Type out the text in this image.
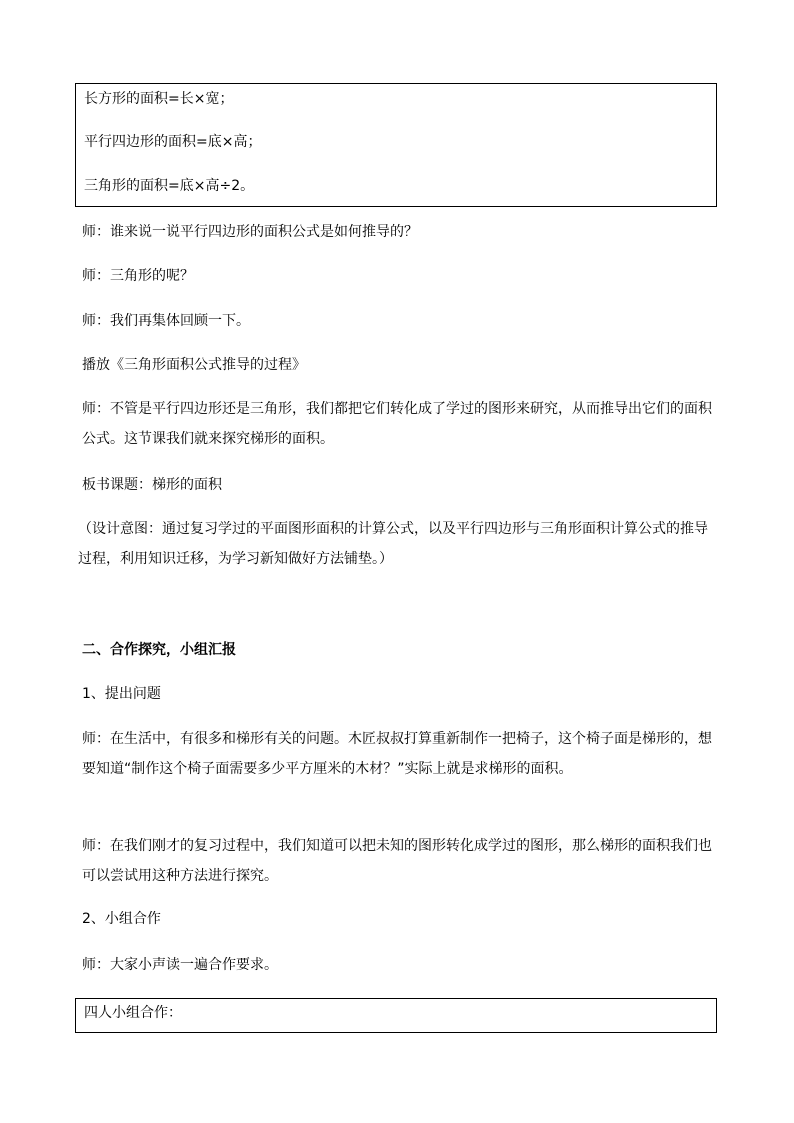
长方形的面积=长×宽；

平行四边形的面积=底×高；

三角形的面积=底×高÷2。

师：谁来说一说平行四边形的面积公式是如何推导的？

师：三角形的呢？

师：我们再集体回顾一下。

播放《三角形面积公式推导的过程》

师：不管是平行四边形还是三角形，我们都把它们转化成了学过的图形来研究，从而推导出它们的面积公式。这节课我们就来探究梯形的面积。

板书课题：梯形的面积

（设计意图：通过复习学过的平面图形面积的计算公式，以及平行四边形与三角形面积计算公式的推导过程，利用知识迁移，为学习新知做好方法铺垫。）

二、合作探究，小组汇报

1、提出问题

师：在生活中，有很多和梯形有关的问题。木匠叔叔打算重新制作一把椅子，这个椅子面是梯形的，想要知道“制作这个椅子面需要多少平方厘米的木材？”实际上就是求梯形的面积。

师：在我们刚才的复习过程中，我们知道可以把未知的图形转化成学过的图形，那么梯形的面积我们也可以尝试用这种方法进行探究。

2、小组合作

师：大家小声读一遍合作要求。

四人小组合作：
